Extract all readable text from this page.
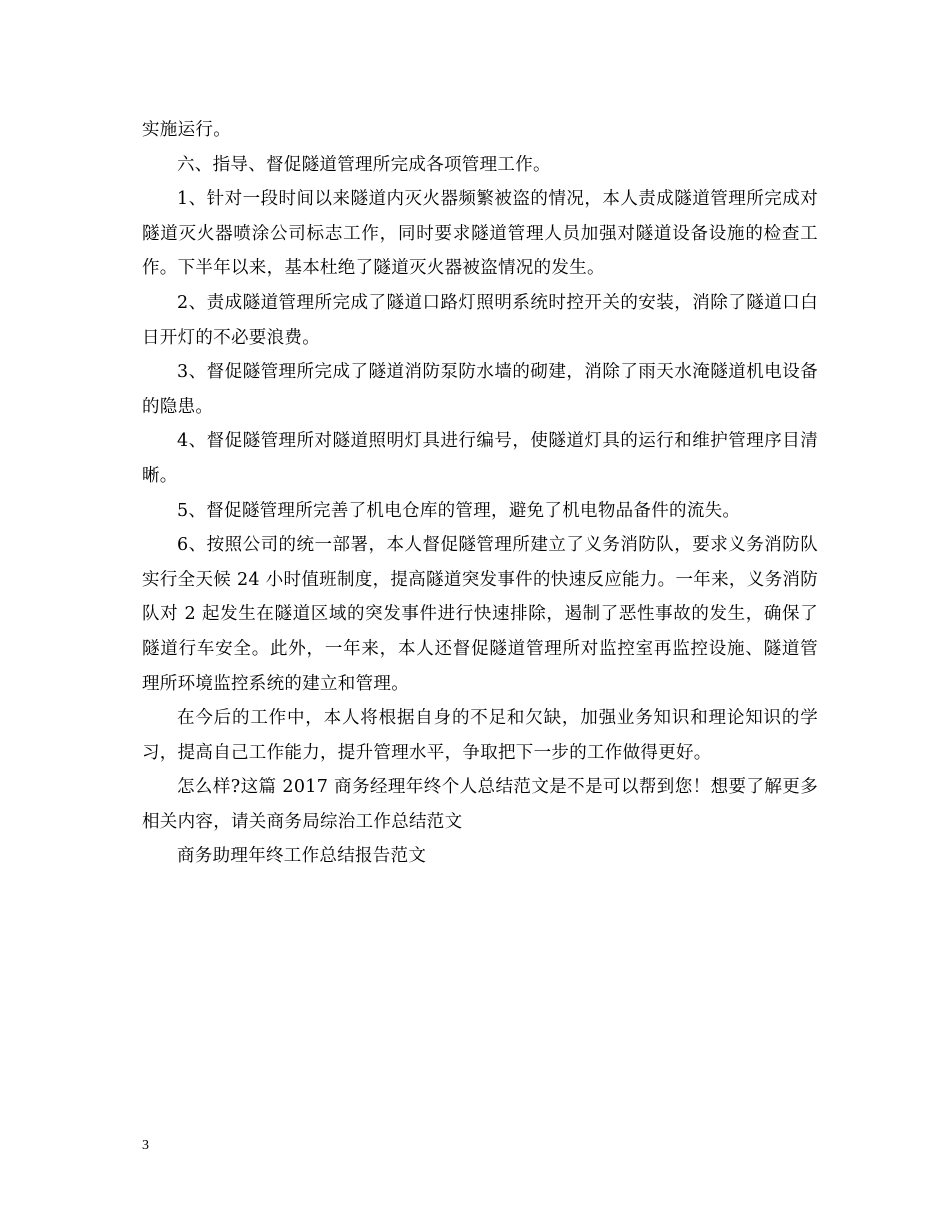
实施运行。

六、指导、督促隧道管理所完成各项管理工作。

1、针对一段时间以来隧道内灭火器频繁被盗的情况，本人责成隧道管理所完成对隧道灭火器喷涂公司标志工作，同时要求隧道管理人员加强对隧道设备设施的检查工作。下半年以来，基本杜绝了隧道灭火器被盗情况的发生。

2、责成隧道管理所完成了隧道口路灯照明系统时控开关的安装，消除了隧道口白日开灯的不必要浪费。

3、督促隧管理所完成了隧道消防泵防水墙的砌建，消除了雨天水淹隧道机电设备的隐患。

4、督促隧管理所对隧道照明灯具进行编号，使隧道灯具的运行和维护管理序目清晰。

5、督促隧管理所完善了机电仓库的管理，避免了机电物品备件的流失。

6、按照公司的统一部署，本人督促隧管理所建立了义务消防队，要求义务消防队实行全天候 24 小时值班制度，提高隧道突发事件的快速反应能力。一年来，义务消防队对 2 起发生在隧道区域的突发事件进行快速排除，遏制了恶性事故的发生，确保了隧道行车安全。此外，一年来，本人还督促隧道管理所对监控室再监控设施、隧道管理所环境监控系统的建立和管理。

在今后的工作中，本人将根据自身的不足和欠缺，加强业务知识和理论知识的学习，提高自己工作能力，提升管理水平，争取把下一步的工作做得更好。

怎么样?这篇 2017 商务经理年终个人总结范文是不是可以帮到您！想要了解更多相关内容，请关商务局综治工作总结范文

商务助理年终工作总结报告范文

3
